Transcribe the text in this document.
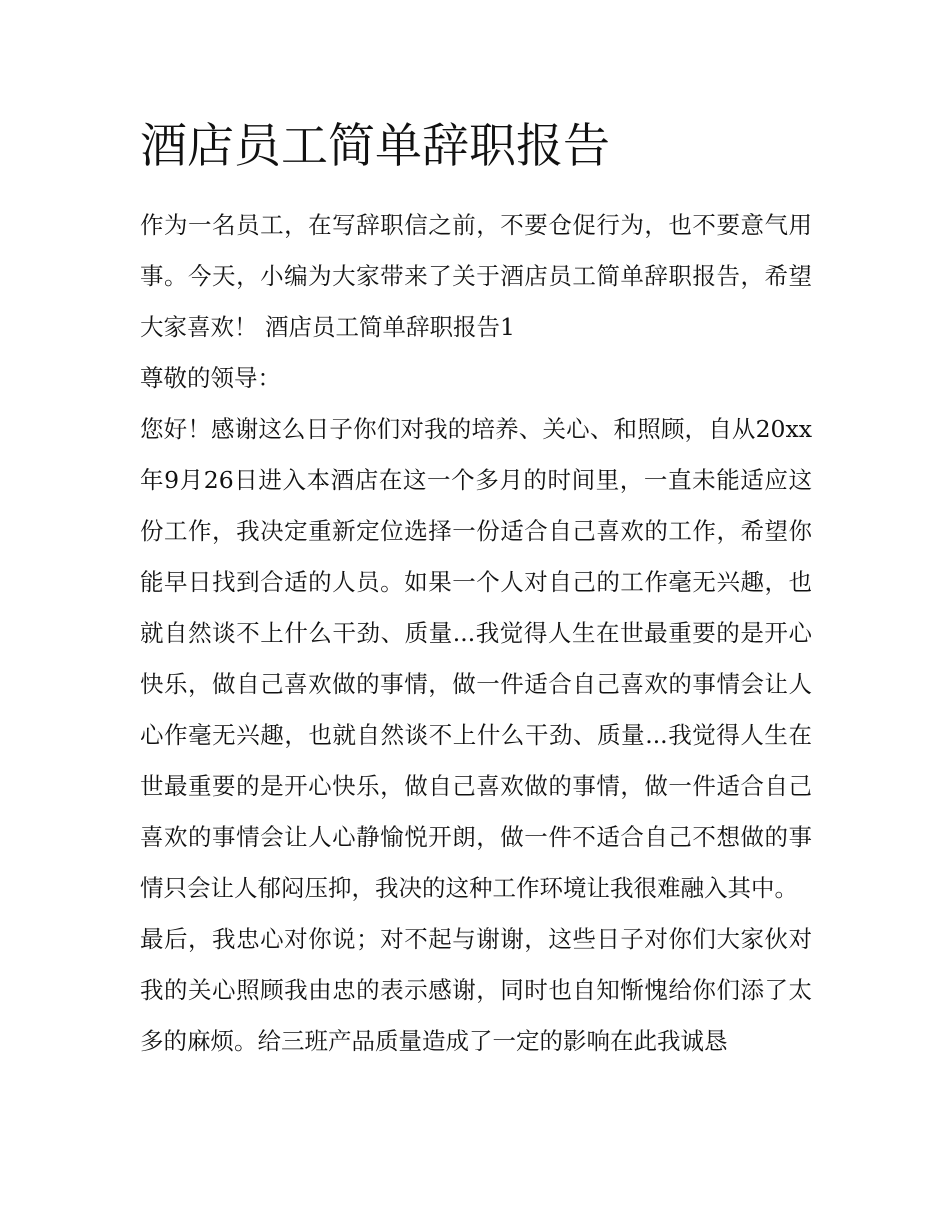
酒店员工简单辞职报告

作为一名员工，在写辞职信之前，不要仓促行为，也不要意气用事。今天，小编为大家带来了关于酒店员工简单辞职报告，希望大家喜欢！ 酒店员工简单辞职报告1

尊敬的领导：

您好！感谢这么日子你们对我的培养、关心、和照顾，自从20xx年9月26日进入本酒店在这一个多月的时间里，一直未能适应这份工作，我决定重新定位选择一份适合自己喜欢的工作，希望你能早日找到合适的人员。如果一个人对自己的工作毫无兴趣，也就自然谈不上什么干劲、质量...我觉得人生在世最重要的是开心快乐，做自己喜欢做的事情，做一件适合自己喜欢的事情会让人心作毫无兴趣，也就自然谈不上什么干劲、质量...我觉得人生在世最重要的是开心快乐，做自己喜欢做的事情，做一件适合自己喜欢的事情会让人心静愉悦开朗，做一件不适合自己不想做的事情只会让人郁闷压抑，我决的这种工作环境让我很难融入其中。

最后，我忠心对你说；对不起与谢谢，这些日子对你们大家伙对我的关心照顾我由忠的表示感谢，同时也自知惭愧给你们添了太多的麻烦。给三班产品质量造成了一定的影响在此我诚恳
